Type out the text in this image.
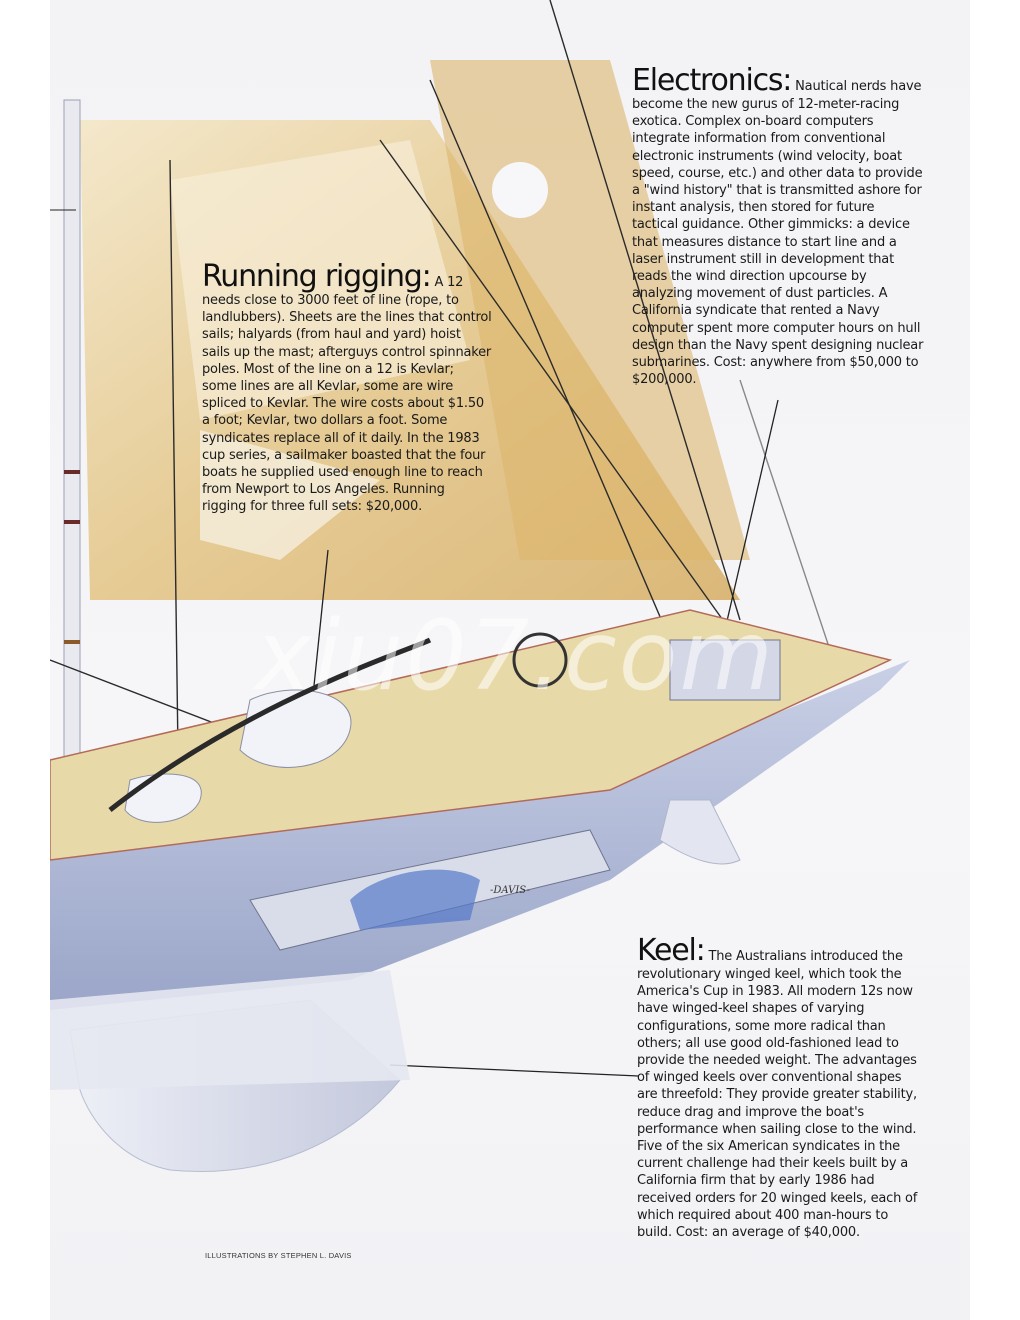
xiu07.com
-DAVIS-

Electronics: Nautical nerds have become the new gurus of 12-meter-racing exotica. Complex on-board computers integrate information from conventional electronic instruments (wind velocity, boat speed, course, etc.) and other data to provide a "wind history" that is transmitted ashore for instant analysis, then stored for future tactical guidance. Other gimmicks: a device that measures distance to start line and a laser instrument still in development that reads the wind direction upcourse by analyzing movement of dust particles. A California syndicate that rented a Navy computer spent more computer hours on hull design than the Navy spent designing nuclear submarines. Cost: anywhere from $50,000 to $200,000.

Running rigging: A 12 needs close to 3000 feet of line (rope, to landlubbers). Sheets are the lines that control sails; halyards (from haul and yard) hoist sails up the mast; afterguys control spinnaker poles. Most of the line on a 12 is Kevlar; some lines are all Kevlar, some are wire spliced to Kevlar. The wire costs about $1.50 a foot; Kevlar, two dollars a foot. Some syndicates replace all of it daily. In the 1983 cup series, a sailmaker boasted that the four boats he supplied used enough line to reach from Newport to Los Angeles. Running rigging for three full sets: $20,000.

Keel: The Australians introduced the revolutionary winged keel, which took the America's Cup in 1983. All modern 12s now have winged-keel shapes of varying configurations, some more radical than others; all use good old-fashioned lead to provide the needed weight. The advantages of winged keels over conventional shapes are threefold: They provide greater stability, reduce drag and improve the boat's performance when sailing close to the wind. Five of the six American syndicates in the current challenge had their keels built by a California firm that by early 1986 had received orders for 20 winged keels, each of which required about 400 man-hours to build. Cost: an average of $40,000.

ILLUSTRATIONS BY STEPHEN L. DAVIS
